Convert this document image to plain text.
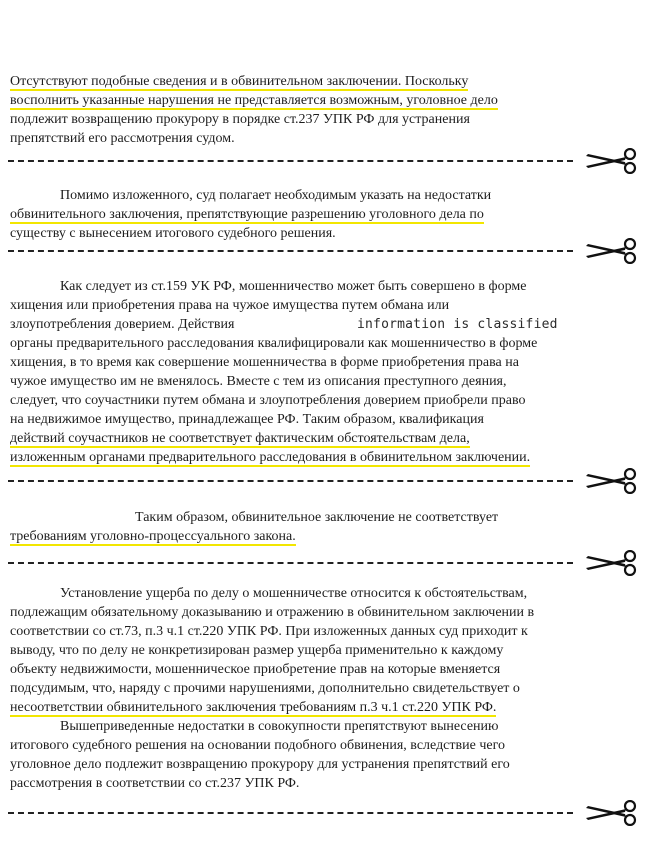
Отсутствуют подобные сведения и в обвинительном заключении. Поскольку

восполнить указанные нарушения не представляется возможным, уголовное дело

подлежит возвращению прокурору в порядке ст.237 УПК РФ для устранения

препятствий его рассмотрения судом.

Помимо изложенного, суд полагает необходимым указать на недостатки

обвинительного заключения, препятствующие разрешению уголовного дела по

существу с вынесением итогового судебного решения.

Как следует из ст.159 УК РФ, мошенничество может быть совершено в форме

хищения или приобретения права на чужое имущества путем обмана или

злоупотребления доверием. Действия

органы предварительного расследования квалифицировали как мошенничество в форме

хищения, в то время как совершение мошенничества в форме приобретения права на

чужое имущество им не вменялось. Вместе с тем из описания преступного деяния,

следует, что соучастники путем обмана и злоупотребления доверием приобрели право

на недвижимое имущество, принадлежащее РФ. Таким образом, квалификация

действий соучастников не соответствует фактическим обстоятельствам дела,

изложенным органами предварительного расследования в обвинительном заключении.

information is classified

Таким образом, обвинительное заключение не соответствует

требованиям уголовно-процессуального закона.

Установление ущерба по делу о мошенничестве относится к обстоятельствам,

подлежащим обязательному доказыванию и отражению в обвинительном заключении в

соответствии со ст.73, п.3 ч.1 ст.220 УПК РФ. При изложенных данных суд приходит к

выводу, что по делу не конкретизирован размер ущерба применительно к каждому

объекту недвижимости, мошенническое приобретение прав на которые вменяется

подсудимым, что, наряду с прочими нарушениями, дополнительно свидетельствует о

несоответствии обвинительного заключения требованиям п.3 ч.1 ст.220 УПК РФ.

Вышеприведенные недостатки в совокупности препятствуют вынесению

итогового судебного решения на основании подобного обвинения, вследствие чего

уголовное дело подлежит возвращению прокурору для устранения препятствий его

рассмотрения в соответствии со ст.237 УПК РФ.
